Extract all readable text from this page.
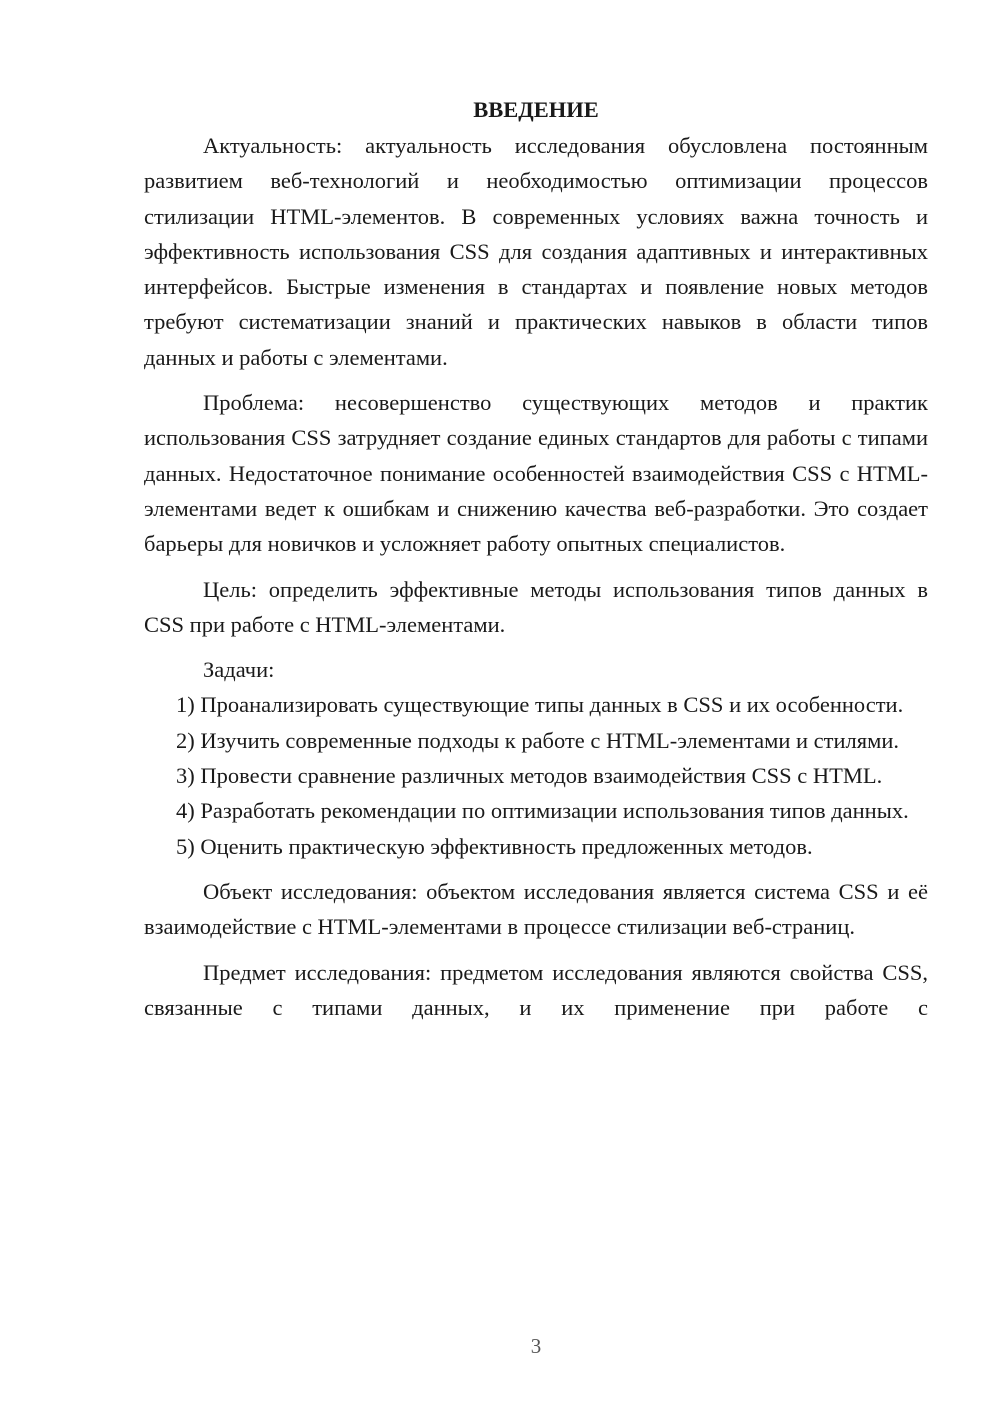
ВВЕДЕНИЕ

Актуальность: актуальность исследования обусловлена постоянным развитием веб-технологий и необходимостью оптимизации процессов стилизации HTML-элементов. В современных условиях важна точность и эффективность использования CSS для создания адаптивных и интерактивных интерфейсов. Быстрые изменения в стандартах и появление новых методов требуют систематизации знаний и практических навыков в области типов данных и работы с элементами.

Проблема: несовершенство существующих методов и практик использования CSS затрудняет создание единых стандартов для работы с типами данных. Недостаточное понимание особенностей взаимодействия CSS с HTML-элементами ведет к ошибкам и снижению качества веб-разработки. Это создает барьеры для новичков и усложняет работу опытных специалистов.

Цель: определить эффективные методы использования типов данных в CSS при работе с HTML-элементами.

Задачи:

1) Проанализировать существующие типы данных в CSS и их особенности.

2) Изучить современные подходы к работе с HTML-элементами и стилями.

3) Провести сравнение различных методов взаимодействия CSS с HTML.

4) Разработать рекомендации по оптимизации использования типов данных.

5) Оценить практическую эффективность предложенных методов.

Объект исследования: объектом исследования является система CSS и её взаимодействие с HTML-элементами в процессе стилизации веб-страниц.

Предмет исследования: предметом исследования являются свойства CSS, связанные с типами данных, и их применение при работе с

3
